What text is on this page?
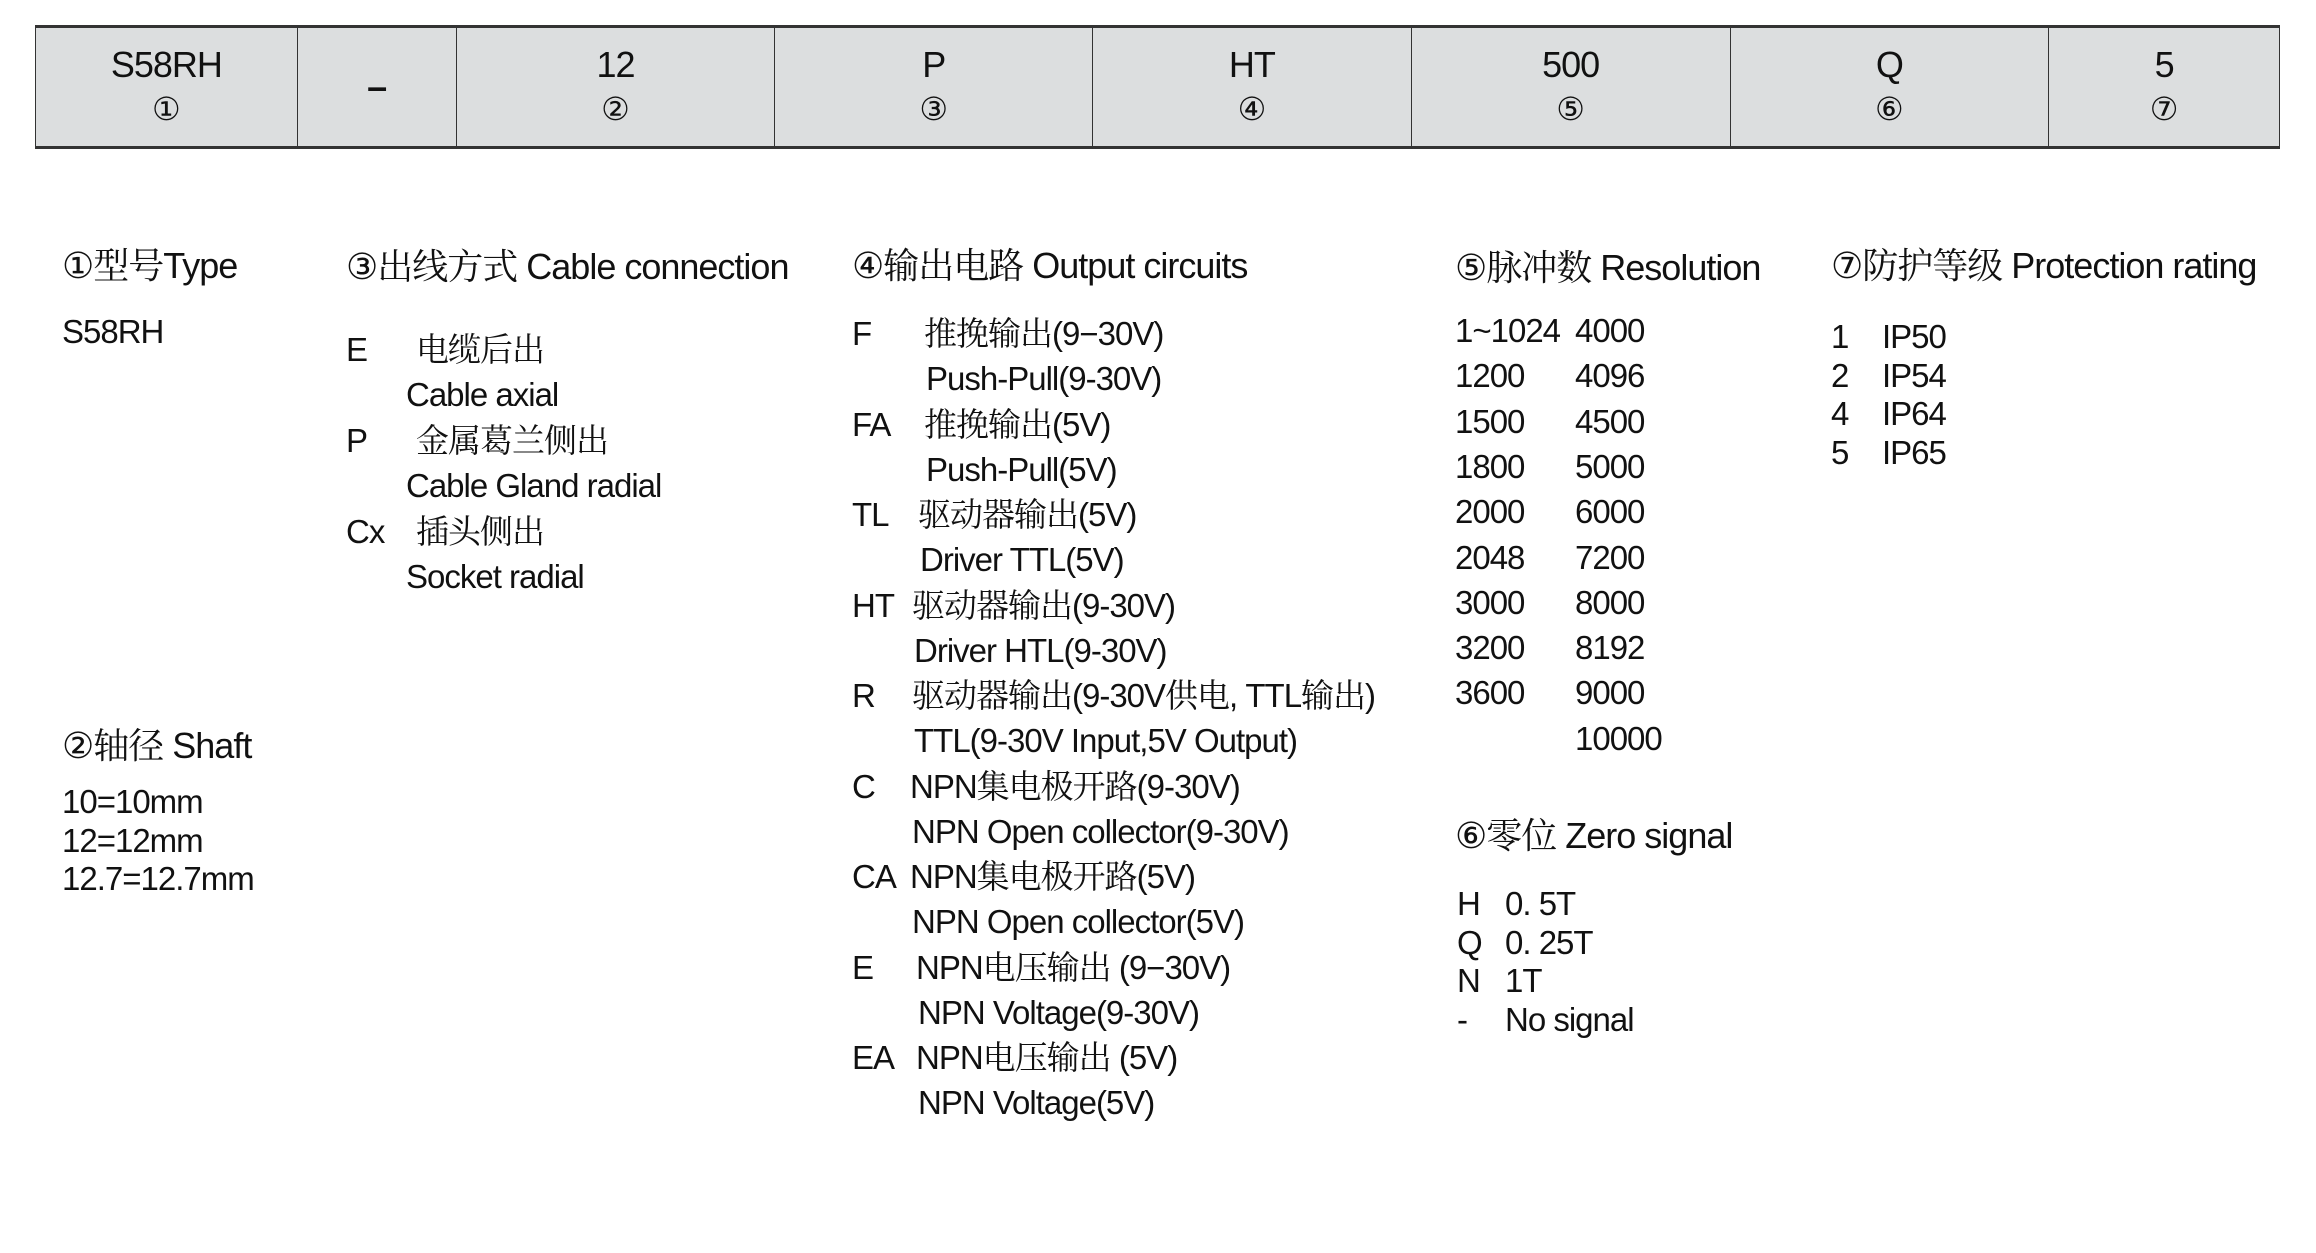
S58RH
①
–
12
②
P
③
HT
④
500
⑤
Q
⑥
5
⑦
①型号Type
S58RH
②轴径 Shaft
10=10mm
12=12mm
12.7=12.7mm
③出线方式 Cable connection
E 电缆后出
Cable axial
P 金属葛兰侧出
Cable Gland radial
Cx 插头侧出
Socket radial
④输出电路 Output circuits
F 推挽输出(9−30V)
Push-Pull(9-30V)
FA 推挽输出(5V)
Push-Pull(5V)
TL 驱动器输出(5V)
Driver TTL(5V)
HT 驱动器输出(9-30V)
Driver HTL(9-30V)
R 驱动器输出(9-30V供电, TTL输出)
TTL(9-30V Input,5V Output)
C NPN集电极开路(9-30V)
NPN Open collector(9-30V)
CA NPN集电极开路(5V)
NPN Open collector(5V)
E NPN电压输出 (9−30V)
NPN Voltage(9-30V)
EA NPN电压输出 (5V)
NPN Voltage(5V)
⑤脉冲数 Resolution
1~1024
1200
1500
1800
2000
2048
3000
3200
3600
4000
4096
4500
5000
6000
7200
8000
8192
9000
10000
⑥零位 Zero signal
H 0. 5T
Q 0. 25T
N 1T
- No signal
⑦防护等级 Protection rating
1 IP50
2 IP54
4 IP64
5 IP65
